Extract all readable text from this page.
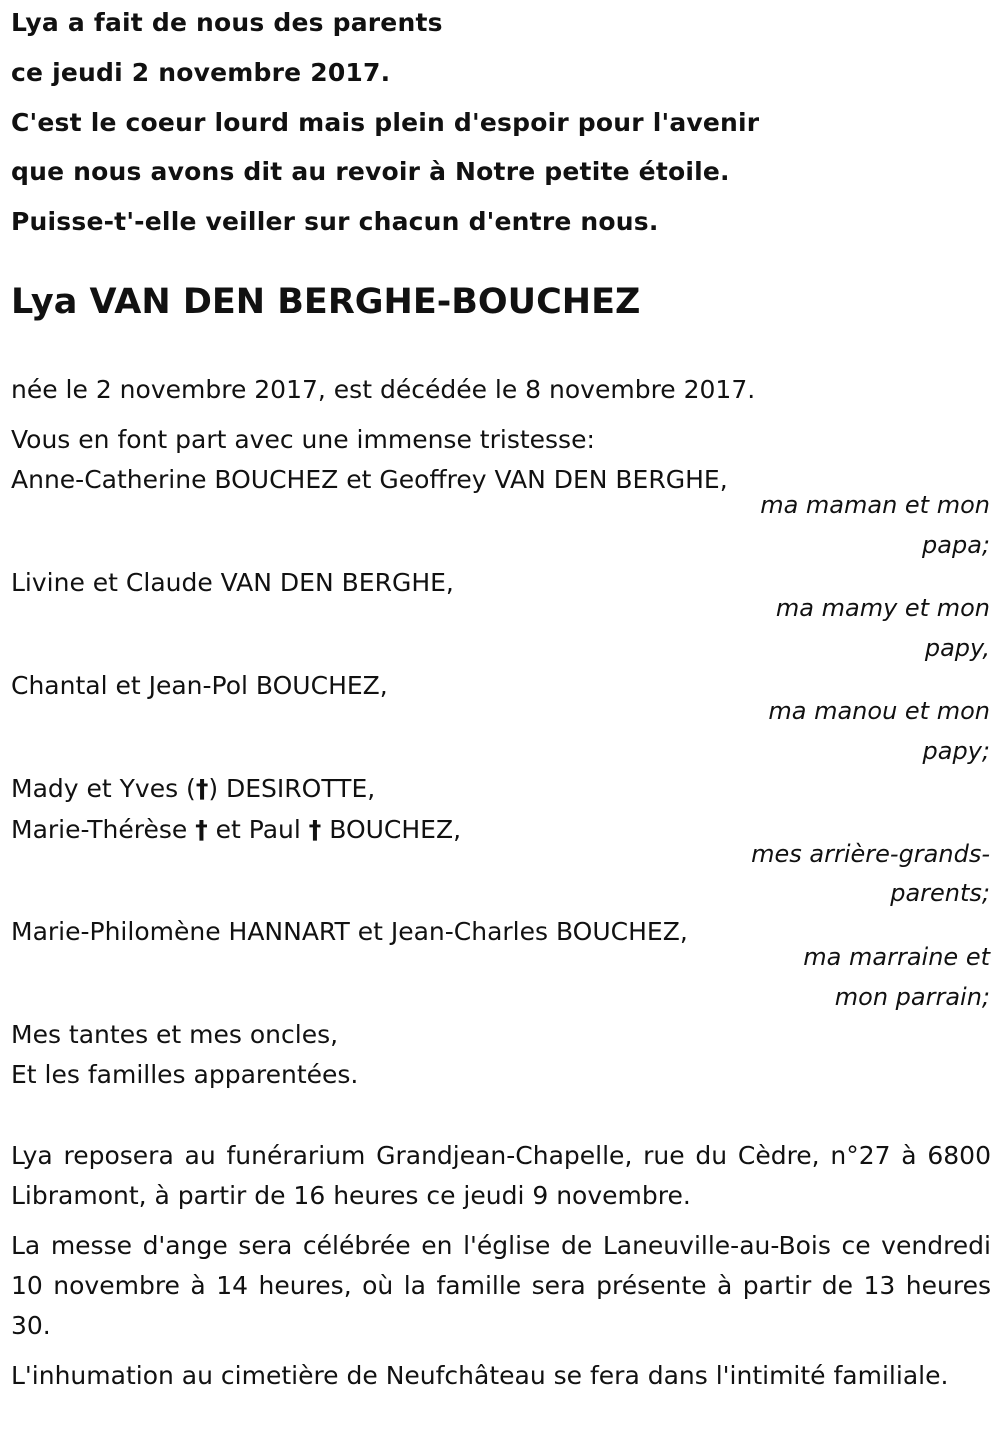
Lya a fait de nous des parents
ce jeudi 2 novembre 2017.
C'est le coeur lourd mais plein d'espoir pour l'avenir
que nous avons dit au revoir à Notre petite étoile.
Puisse-t'-elle veiller sur chacun d'entre nous.
Lya VAN DEN BERGHE-BOUCHEZ
née le 2 novembre 2017, est décédée le 8 novembre 2017.
Vous en font part avec une immense tristesse:
Anne-Catherine BOUCHEZ et Geoffrey VAN DEN BERGHE,
ma maman et mon
papa;
Livine et Claude VAN DEN BERGHE,
ma mamy et mon
papy,
Chantal et Jean-Pol BOUCHEZ,
ma manou et mon
papy;
Mady et Yves (†) DESIROTTE,
Marie-Thérèse † et Paul † BOUCHEZ,
mes arrière-grands-
parents;
Marie-Philomène HANNART et Jean-Charles BOUCHEZ,
ma marraine et
mon parrain;
Mes tantes et mes oncles,
Et les familles apparentées.
Lya reposera au funérarium Grandjean-Chapelle, rue du Cèdre, n°27 à 6800 Libramont, à partir de 16 heures ce jeudi 9 novembre.
La messe d'ange sera célébrée en l'église de Laneuville-au-Bois ce vendredi 10 novembre à 14 heures, où la famille sera présente à partir de 13 heures 30.
L'inhumation au cimetière de Neufchâteau se fera dans l'intimité familiale.
